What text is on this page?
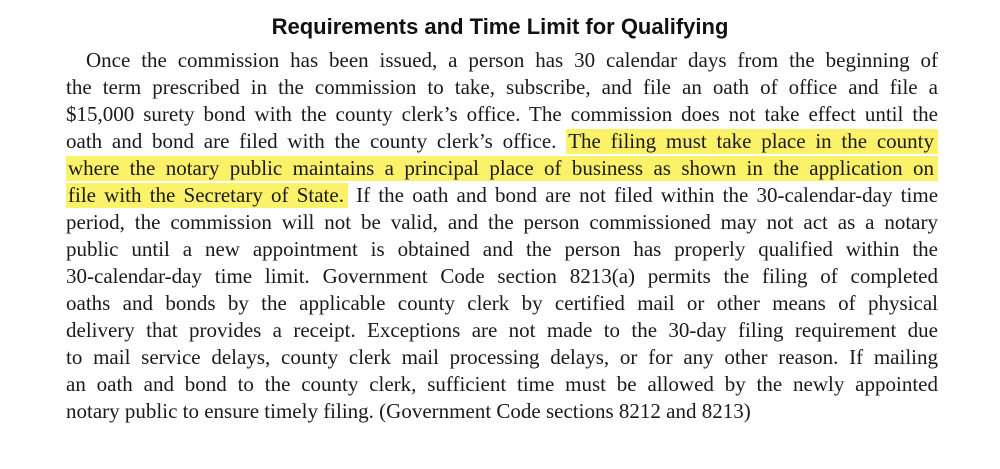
Requirements and Time Limit for Qualifying

Once the commission has been issued, a person has 30 calendar days from the beginning of

the term prescribed in the commission to take, subscribe, and file an oath of office and file a

$15,000 surety bond with the county clerk’s office. The commission does not take effect until the

oath and bond are filed with the county clerk’s office. The filing must take place in the county

where the notary public maintains a principal place of business as shown in the application on

file with the Secretary of State. If the oath and bond are not filed within the 30-calendar-day time

period, the commission will not be valid, and the person commissioned may not act as a notary

public until a new appointment is obtained and the person has properly qualified within the

30-calendar-day time limit. Government Code section 8213(a) permits the filing of completed

oaths and bonds by the applicable county clerk by certified mail or other means of physical

delivery that provides a receipt. Exceptions are not made to the 30-day filing requirement due

to mail service delays, county clerk mail processing delays, or for any other reason. If mailing

an oath and bond to the county clerk, sufficient time must be allowed by the newly appointed

notary public to ensure timely filing. (Government Code sections 8212 and 8213)
